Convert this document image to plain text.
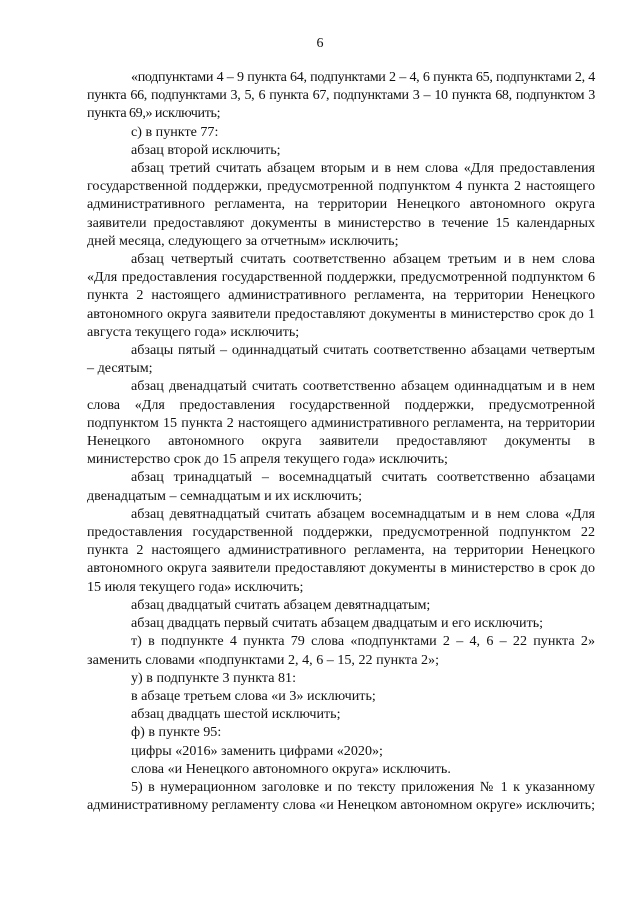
6

«подпунктами 4 – 9 пункта 64, подпунктами 2 – 4, 6 пункта 65, подпунктами 2, 4 пункта 66, подпунктами 3, 5, 6 пункта 67, подпунктами 3 – 10 пункта 68, подпунктом 3 пункта 69,» исключить;

с) в пункте 77:

абзац второй исключить;

абзац третий считать абзацем вторым и в нем слова «Для предоставления государственной поддержки, предусмотренной подпунктом 4 пункта 2 настоящего административного регламента, на территории Ненецкого автономного округа заявители предоставляют документы в министерство в течение 15 календарных дней месяца, следующего за отчетным» исключить;

абзац четвертый считать соответственно абзацем третьим и в нем слова «Для предоставления государственной поддержки, предусмотренной подпунктом 6 пункта 2 настоящего административного регламента, на территории Ненецкого автономного округа заявители предоставляют документы в министерство срок до 1 августа текущего года» исключить;

абзацы пятый – одиннадцатый считать соответственно абзацами четвертым – десятым;

абзац двенадцатый считать соответственно абзацем одиннадцатым и в нем слова «Для предоставления государственной поддержки, предусмотренной подпунктом 15 пункта 2 настоящего административного регламента, на территории Ненецкого автономного округа заявители предоставляют документы в министерство срок до 15 апреля текущего года» исключить;

абзац тринадцатый – восемнадцатый считать соответственно абзацами двенадцатым – семнадцатым и их исключить;

абзац девятнадцатый считать абзацем восемнадцатым и в нем слова «Для предоставления государственной поддержки, предусмотренной подпунктом 22 пункта 2 настоящего административного регламента, на территории Ненецкого автономного округа заявители предоставляют документы в министерство в срок до 15 июля текущего года» исключить;

абзац двадцатый считать абзацем девятнадцатым;

абзац двадцать первый считать абзацем двадцатым и его исключить;

т) в подпункте 4 пункта 79 слова «подпунктами 2 – 4, 6 – 22 пункта 2» заменить словами «подпунктами 2, 4, 6 – 15, 22 пункта 2»;

у) в подпункте 3 пункта 81:

в абзаце третьем слова «и 3» исключить;

абзац двадцать шестой исключить;

ф) в пункте 95:

цифры «2016» заменить цифрами «2020»;

слова «и Ненецкого автономного округа» исключить.

5) в нумерационном заголовке и по тексту приложения № 1 к указанному административному регламенту слова «и Ненецком автономном округе» исключить;
